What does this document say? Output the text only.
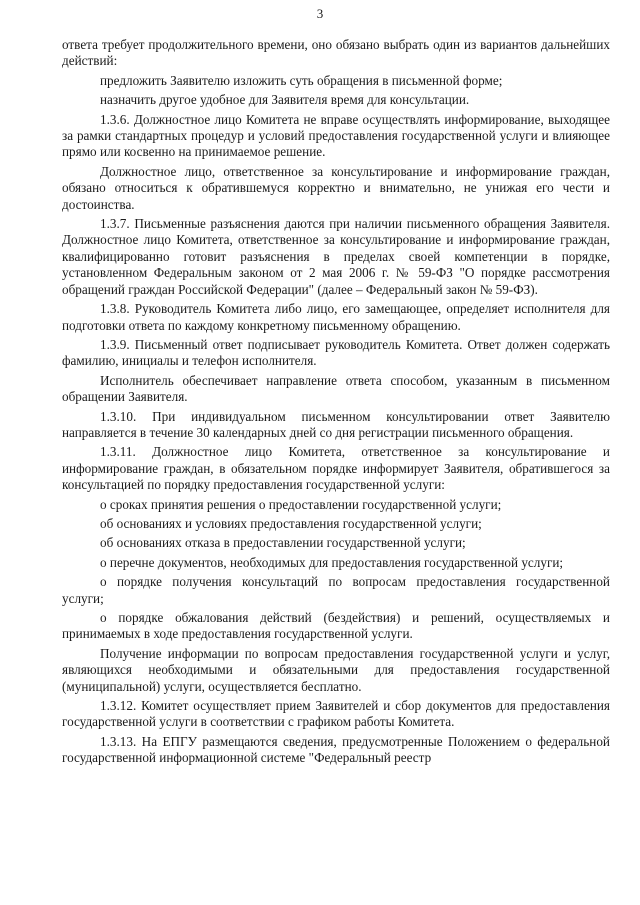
3

ответа требует продолжительного времени, оно обязано выбрать один из вариантов дальнейших действий:

предложить Заявителю изложить суть обращения в письменной форме;

назначить другое удобное для Заявителя время для консультации.

1.3.6. Должностное лицо Комитета не вправе осуществлять информирование, выходящее за рамки стандартных процедур и условий предоставления государственной услуги и влияющее прямо или косвенно на принимаемое решение.

Должностное лицо, ответственное за консультирование и информирование граждан, обязано относиться к обратившемуся корректно и внимательно, не унижая его чести и достоинства.

1.3.7. Письменные разъяснения даются при наличии письменного обращения Заявителя. Должностное лицо Комитета, ответственное за консультирование и информирование граждан, квалифицированно готовит разъяснения в пределах своей компетенции в порядке, установленном Федеральным законом от 2 мая 2006 г. № 59-ФЗ "О порядке рассмотрения обращений граждан Российской Федерации" (далее – Федеральный закон № 59-ФЗ).

1.3.8. Руководитель Комитета либо лицо, его замещающее, определяет исполнителя для подготовки ответа по каждому конкретному письменному обращению.

1.3.9. Письменный ответ подписывает руководитель Комитета. Ответ должен содержать фамилию, инициалы и телефон исполнителя.

Исполнитель обеспечивает направление ответа способом, указанным в письменном обращении Заявителя.

1.3.10. При индивидуальном письменном консультировании ответ Заявителю направляется в течение 30 календарных дней со дня регистрации письменного обращения.

1.3.11. Должностное лицо Комитета, ответственное за консультирование и информирование граждан, в обязательном порядке информирует Заявителя, обратившегося за консультацией по порядку предоставления государственной услуги:

о сроках принятия решения о предоставлении государственной услуги;

об основаниях и условиях предоставления государственной услуги;

об основаниях отказа в предоставлении государственной услуги;

о перечне документов, необходимых для предоставления государственной услуги;

о порядке получения консультаций по вопросам предоставления государственной услуги;

о порядке обжалования действий (бездействия) и решений, осуществляемых и принимаемых в ходе предоставления государственной услуги.

Получение информации по вопросам предоставления государственной услуги и услуг, являющихся необходимыми и обязательными для предоставления государственной (муниципальной) услуги, осуществляется бесплатно.

1.3.12. Комитет осуществляет прием Заявителей и сбор документов для предоставления государственной услуги в соответствии с графиком работы Комитета.

1.3.13. На ЕПГУ размещаются сведения, предусмотренные Положением о федеральной государственной информационной системе "Федеральный реестр
